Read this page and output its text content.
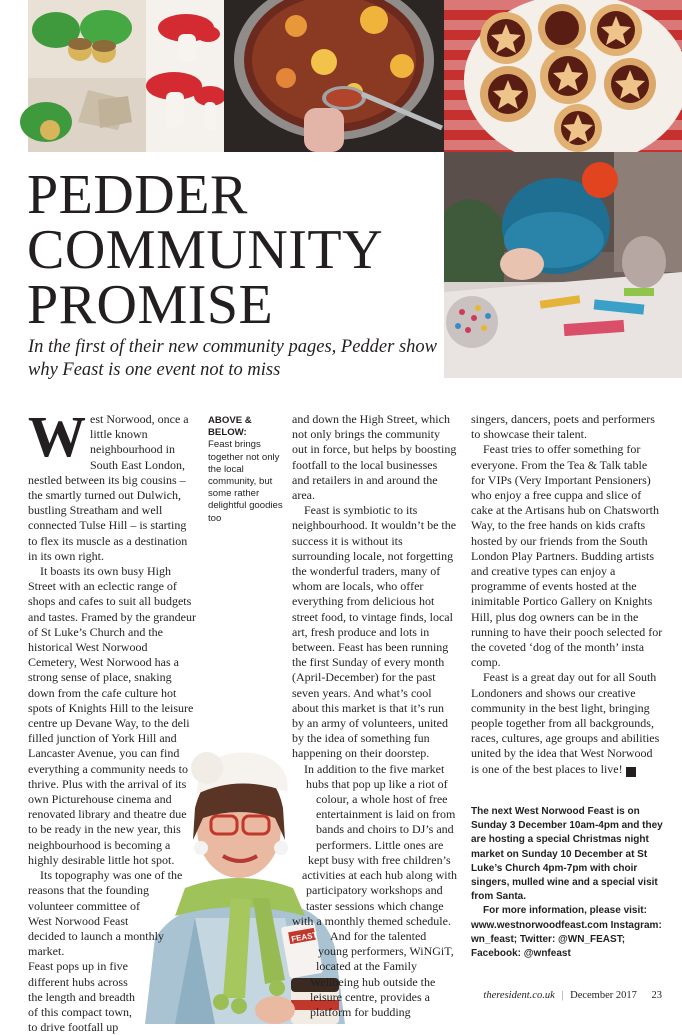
FEAST
PEDDER
COMMUNITY
PROMISE

In the first of their new community pages, Pedder show why Feast is one event not to miss

West Norwood, once a little known neighbourhood in South East London, nestled between its big cousins – the smartly turned out Dulwich, bustling Streatham and well connected Tulse Hill – is starting to flex its muscle as a destination in its own right.

It boasts its own busy High Street with an eclectic range of shops and cafes to suit all budgets and tastes. Framed by the grandeur of St Luke’s Church and the historical West Norwood Cemetery, West Norwood has a strong sense of place, snaking down from the cafe culture hot spots of Knights Hill to the leisure centre up Devane Way, to the deli filled junction of York Hill and Lancaster Avenue, you can find everything a community needs to thrive. Plus with the arrival of its own Picturehouse cinema and renovated library and theatre due to be ready in the new year, this neighbourhood is becoming a highly desirable little hot spot.

Its topography was one of the reasons that the founding volunteer committee of West Norwood Feast decided to launch a monthly market.

Feast pops up in five different hubs across the length and breadth of this compact town, to drive footfall up

ABOVE & BELOW:
Feast brings together not only the local community, but some rather delightful goodies too

and down the High Street, which not only brings the community out in force, but helps by boosting footfall to the local businesses and retailers in and around the area.

Feast is symbiotic to its neighbourhood. It wouldn’t be the success it is without its surrounding locale, not forgetting the wonderful traders, many of whom are locals, who offer everything from delicious hot street food, to vintage finds, local art, fresh produce and lots in between. Feast has been running the first Sunday of every month (April-December) for the past seven years. And what’s cool about this market is that it’s run by an army of volunteers, united by the idea of something fun happening on their doorstep.

In addition to the five market hubs that pop up like a riot of colour, a whole host of free entertainment is laid on from bands and choirs to DJ’s and performers. Little ones are kept busy with free children’s activities at each hub along with participatory workshops and taster sessions which change with a monthly themed schedule.

And for the talented young performers, WiNGiT, located at the Family Wellbeing hub outside the leisure centre, provides a platform for budding

singers, dancers, poets and performers to showcase their talent.

Feast tries to offer something for everyone. From the Tea & Talk table for VIPs (Very Important Pensioners) who enjoy a free cuppa and slice of cake at the Artisans hub on Chatsworth Way, to the free hands on kids crafts hosted by our friends from the South London Play Partners. Budding artists and creative types can enjoy a programme of events hosted at the inimitable Portico Gallery on Knights Hill, plus dog owners can be in the running to have their pooch selected for the coveted ‘dog of the month’ insta comp.

Feast is a great day out for all South Londoners and shows our creative community in the best light, bringing people together from all backgrounds, races, cultures, age groups and abilities united by the idea that West Norwood is one of the best places to live! r

The next West Norwood Feast is on Sunday 3 December 10am-4pm and they are hosting a special Christmas night market on Sunday 10 December at St Luke’s Church 4pm-7pm with choir singers, mulled wine and a special visit from Santa.

For more information, please visit: www.westnorwoodfeast.com Instagram: wn_feast; Twitter: @WN_FEAST; Facebook: @wnfeast

theresident.co.uk | December 2017 23
